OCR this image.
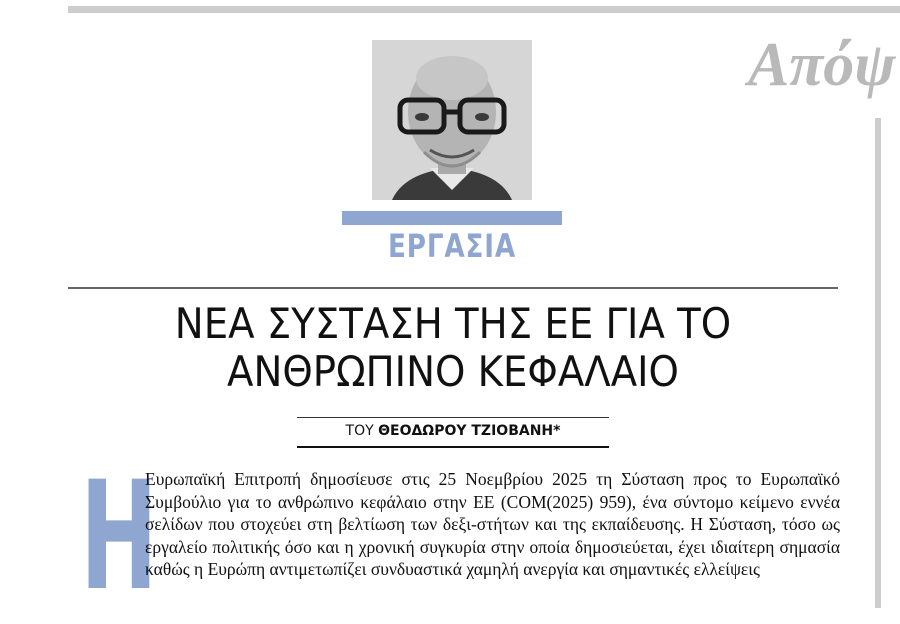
Απόψ
ΕΡΓΑΣΙΑ
ΝΕΑ ΣΥΣΤΑΣΗ ΤΗΣ ΕΕ ΓΙΑ ΤΟ
ΑΝΘΡΩΠΙΝΟ ΚΕΦΑΛΑΙΟ
ΤΟΥ ΘΕΟΔΩΡΟΥ ΤΖΙΟΒΑΝΗ*
Η

Ευρωπαϊκή Επιτροπή δημοσίευσε στις 25 Νοεμβρίου 2025 τη Σύσταση προς το Ευρωπαϊκό Συμβούλιο για το ανθρώπινο κεφάλαιο στην ΕΕ (COM(2025) 959), ένα σύντομο κείμενο εννέα σελίδων που στοχεύει στη βελτίωση των δεξι-στήτων και της εκπαίδευσης. Η Σύσταση, τόσο ως εργαλείο πολιτικής όσο και η χρονική συγκυρία στην οποία δημοσιεύεται, έχει ιδιαίτερη σημασία καθώς η Ευρώπη αντιμετωπίζει συνδυαστικά χαμηλή ανεργία και σημαντικές ελλείψεις
